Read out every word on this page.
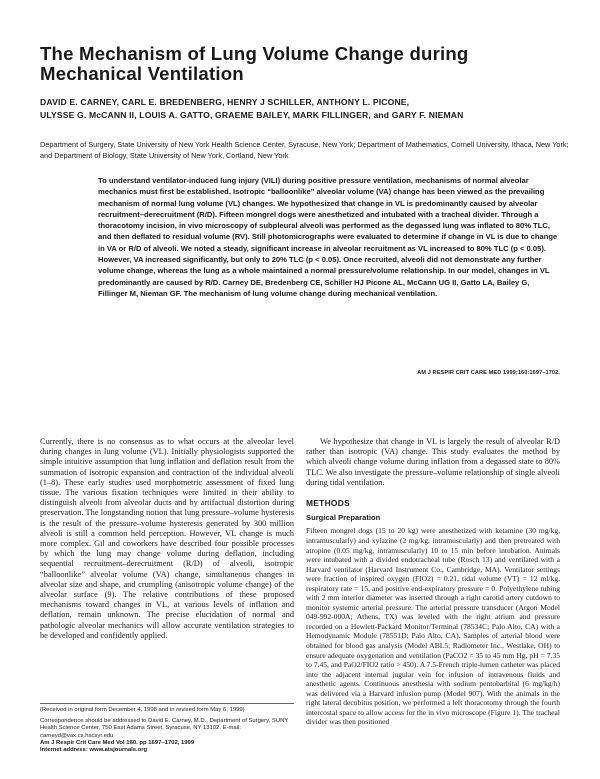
The Mechanism of Lung Volume Change during Mechanical Ventilation
DAVID E. CARNEY, CARL E. BREDENBERG, HENRY J SCHILLER, ANTHONY L. PICONE,
ULYSSE G. McCANN II, LOUIS A. GATTO, GRAEME BAILEY, MARK FILLINGER, and GARY F. NIEMAN

Department of Surgery, State University of New York Health Science Center, Syracuse, New York; Department of Mathematics, Cornell University, Ithaca, New York; and Department of Biology, State University of New York, Cortland, New York

To understand ventilator-induced lung injury (VILI) during positive pressure ventilation, mechanisms of normal alveolar mechanics must first be established. Isotropic “balloonlike” alveolar volume (VA) change has been viewed as the prevailing mechanism of normal lung volume (VL) changes. We hypothesized that change in VL is predominantly caused by alveolar recruitment–derecruitment (R/D). Fifteen mongrel dogs were anesthetized and intubated with a tracheal divider. Through a thoracotomy incision, in vivo microscopy of subpleural alveoli was performed as the degassed lung was inflated to 80% TLC, and then deflated to residual volume (RV). Still photomicrographs were evaluated to determine if change in VL is due to change in VA or R/D of alveoli. We noted a steady, significant increase in alveolar recruitment as VL increased to 80% TLC (p < 0.05). However, VA increased significantly, but only to 20% TLC (p < 0.05). Once recruited, alveoli did not demonstrate any further volume change, whereas the lung as a whole maintained a normal pressure/volume relationship. In our model, changes in VL predominantly are caused by R/D. Carney DE, Bredenberg CE, Schiller HJ Picone AL, McCann UG II, Gatto LA, Bailey G, Fillinger M, Nieman GF. The mechanism of lung volume change during mechanical ventilation.

AM J RESPIR CRIT CARE MED 1999;160:1697–1702.

Currently, there is no consensus as to what occurs at the alveolar level during changes in lung volume (VL). Initially physiologists supported the simple intuitive assumption that lung inflation and deflation result from the summation of isotropic expansion and contraction of the individual alveoli (1–8). These early studies used morphometric assessment of fixed lung tissue. The various fixation techniques were limited in their ability to distinguish alveoli from alveolar ducts and by artifactual distortion during preservation. The longstanding notion that lung pressure–volume hysteresis is the result of the pressure–volume hysteresis generated by 300 million alveoli is still a common held perception. However, VL change is much more complex. Gil and coworkers have described four possible processes by which the lung may change volume during deflation, including sequential recruitment–derecruitment (R/D) of alveoli, isotropic “balloonlike” alveolar volume (VA) change, simultaneous changes in alveolar size and shape, and crumpling (anisotropic volume change) of the alveolar surface (9). The relative contributions of these proposed mechanisms toward changes in VL, at various levels of inflation and deflation, remain unknown. The precise elucidation of normal and pathologic alveolar mechanics will allow accurate ventilation strategies to be developed and confidently applied.

We hypothesize that change in VL is largely the result of alveolar R/D rather than isotropic (VA) change. This study evaluates the method by which alveoli change volume during inflation from a degassed state to 80% TLC. We also investigate the pressure–volume relationship of single alveoli during tidal ventilation.

METHODS
Surgical Preparation

Fifteen mongrel dogs (15 to 20 kg) were anesthetized with ketamine (30 mg/kg, intramuscularly) and xylazine (2 mg/kg, intramuscularly) and then pretreated with atropine (0.05 mg/kg, intramuscularly) 10 to 15 min before intubation. Animals were intubated with a divided endotracheal tube (Rosch 13) and ventilated with a Harvard ventilator (Harvard Instrument Co., Cambridge, MA). Ventilator settings were fraction of inspired oxygen (FIO2) = 0.21, tidal volume (VT) = 12 ml/kg, respiratory rate = 15, and positive end-expiratory pressure = 0. Polyethylene tubing with 2 mm interior diameter was inserted through a right carotid artery cutdown to monitor systemic arterial pressure. The arterial pressure transducer (Argon Model 049-992-000A; Athens, TX) was leveled with the right atrium and pressure recorded on a Hewlett-Packard Monitor/Terminal (78534C; Palo Alto, CA) with a Hemodynamic Module (78551D; Palo Alto, CA). Samples of arterial blood were obtained for blood gas analysis (Model ABL5; Radiometer Inc., Westlake, OH) to ensure adequate oxygenation and ventilation (PaCO2 = 35 to 45 mm Hg, pH = 7.35 to 7.45, and PaO2/FIO2 ratio > 450). A 7.5-French triple-lumen catheter was placed into the adjacent internal jugular vein for infusion of intravenous fluids and anesthetic agents. Continuous anesthesia with sodium pentobarbital (6 mg/kg/h) was delivered via a Harvard infusion pump (Model 907). With the animals in the right lateral decubitus position, we performed a left thoracotomy through the fourth intercostal space to allow access for the in vivo microscope (Figure 1). The tracheal divider was then positioned

(Received in original form December 4, 1998 and in revised form May 6, 1999)

Correspondence should be addressed to David E. Carney, M.D., Department of Surgery, SUNY Health Science Center, 750 East Adams Street, Syracuse, NY 13102. E-mail: carneyd@vax.cs.hscsyr.edu

Am J Respir Crit Care Med Vol 160. pp 1697–1702, 1999

Internet address: www.atsjournals.org
